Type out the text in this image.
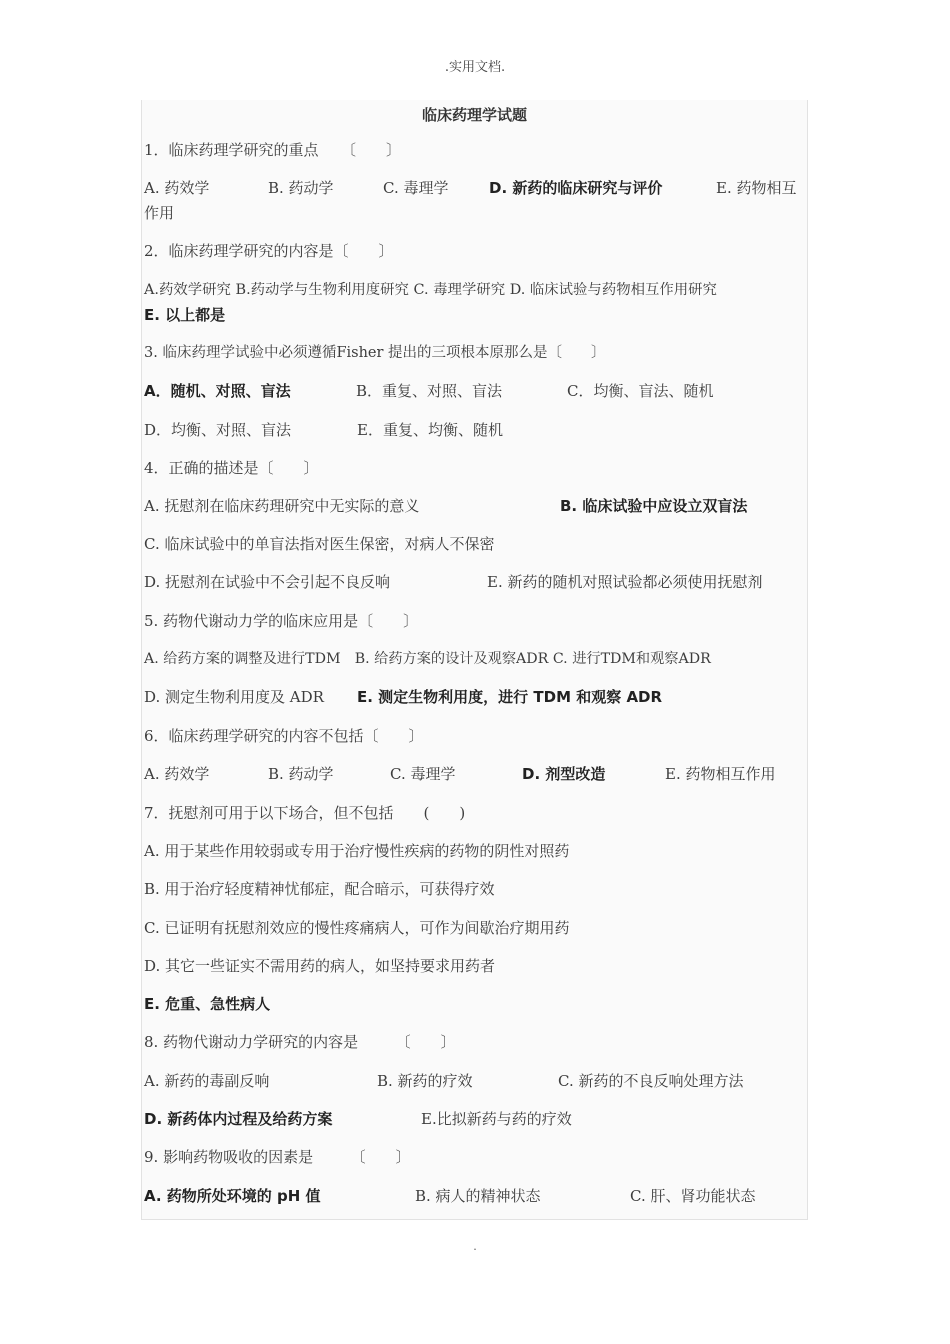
.实用文档.
临床药理学试题
1．临床药理学研究的重点　　〔　　〕
A. 药效学	B. 药动学	C. 毒理学	D. 新药的临床研究与评价	E. 药物相互
作用
2．临床药理学研究的内容是〔　　〕
A.药效学研究 B.药动学与生物利用度研究 C. 毒理学研究 D. 临床试验与药物相互作用研究
E. 以上都是
3. 临床药理学试验中必须遵循Fisher 提出的三项根本原那么是〔　　〕
A．随机、对照、盲法	B．重复、对照、盲法	C．均衡、盲法、随机
D．均衡、对照、盲法	E．重复、均衡、随机
4．正确的描述是〔　　〕
A. 抚慰剂在临床药理研究中无实际的意义	B. 临床试验中应设立双盲法
C. 临床试验中的单盲法指对医生保密，对病人不保密
D. 抚慰剂在试验中不会引起不良反响	E. 新药的随机对照试验都必须使用抚慰剂
5. 药物代谢动力学的临床应用是〔　　〕
A. 给药方案的调整及进行TDM　B. 给药方案的设计及观察ADR C. 进行TDM和观察ADR
D. 测定生物利用度及 ADR E. 测定生物利用度，进行 TDM 和观察 ADR
6．临床药理学研究的内容不包括〔　　〕
A. 药效学	B. 药动学	C. 毒理学	D. 剂型改造	E. 药物相互作用
7．抚慰剂可用于以下场合，但不包括　　(　　)
A. 用于某些作用较弱或专用于治疗慢性疾病的药物的阴性对照药
B. 用于治疗轻度精神忧郁症，配合暗示，可获得疗效
C. 已证明有抚慰剂效应的慢性疼痛病人，可作为间歇治疗期用药
D. 其它一些证实不需用药的病人，如坚持要求用药者
E. 危重、急性病人
8. 药物代谢动力学研究的内容是　　　〔　　〕
A. 新药的毒副反响	B. 新药的疗效	C. 新药的不良反响处理方法
D. 新药体内过程及给药方案	E.比拟新药与药的疗效
9. 影响药物吸收的因素是　　　〔　　〕
A. 药物所处环境的 pH 值	B. 病人的精神状态	C. 肝、肾功能状态
.
